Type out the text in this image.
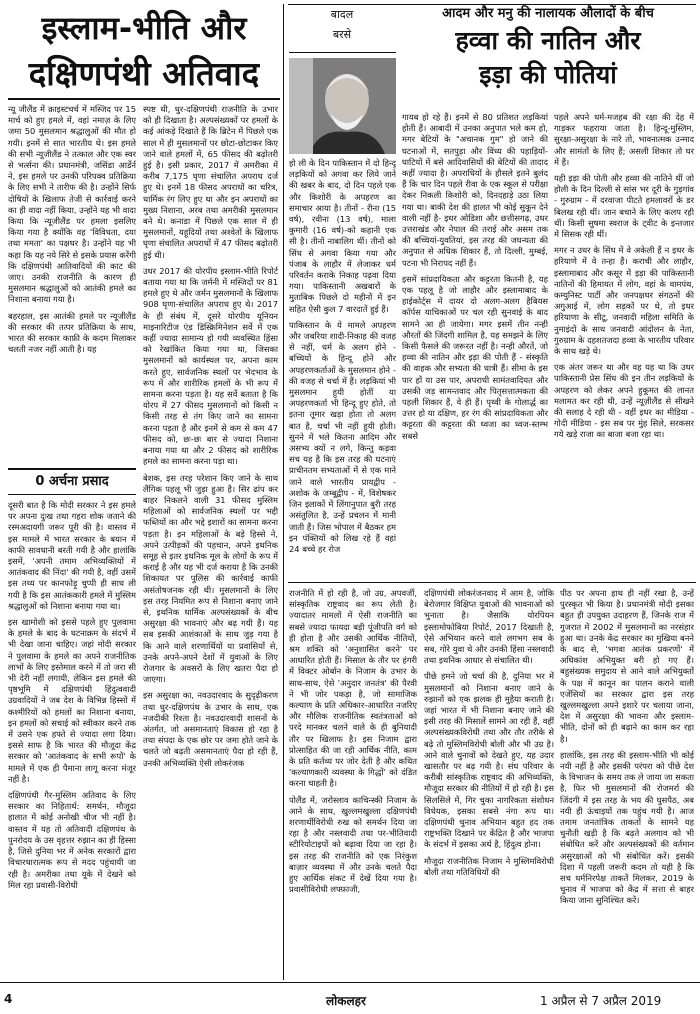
इस्लाम-भीति और
दक्षिणपंथी अतिवाद

न्यू जीलैंड में क्राइस्टचर्च में मस्जिद पर 15 मार्च को हुए हमले में, वहां नमाज़ के लिए जमा 50 मुसलमान श्रद्धालुओं की मौत हो गयी। इनमें से सात भारतीय थे। इस हमले की सभी न्यूजीलैंड ने तत्काल और एक स्वर से भर्त्सना की। प्रधानमंत्री, जसिंडा आर्डेर्न ने, इस हमले पर उनकी परिपक्व प्रतिक्रिया के लिए सभी ने तारीफ की है। उन्होंने सिर्फ दोषियों के खिलाफ तेजी से कार्रवाई करने का ही वादा नहीं किया, उन्होंने यह भी वादा किया कि न्यूजीलैंड पर हमला इसलिए किया गया है क्योंकि वह 'विविधता, दया तथा ममता' का पक्षधर है। उन्होंने यह भी कहा कि यह नये सिरे से इसके प्रयास करेंगी कि दक्षिणपंथी आतिवादियों की काट की जाए। उनकी राजनीति के कारण ही मुसलमान श्रद्धालुओं को आतंकी हमले का निशाना बनाया गया है।

बहरहाल, इस आतंकी हमले पर न्यूजीलैंड की सरकार की तत्पर प्रतिक्रिया के साथ, भारत की सरकार काफ़ी के कदम मिलाकर चलती नजर नहीं आती है। यह

स्पष्ट थी, धुर-दक्षिणपंथी राजनीति के उभार को ही दिखाता है। अल्पसंख्यकों पर हमलों के कई आंकड़े दिखाते हैं कि ब्रिटेन में पिछले एक साल में ही मुसलमानों पर छोटा-छोटाकर किए जाने वाले हमलों में, 65 फीसद की बढ़ोतरी हुई है। इसी प्रकार, 2017 में अमरीका में करीब 7,175 घृणा संचालित अपराध दर्ज हुए थे। इनमें 18 फीसद अपराधों का चरित्र, धार्मिक रंग लिए हुए था और इन अपराधों का मुख्य निशाना, अरब तथा अमरीकी मुसलमान बने थे। कनाडा में पिछले एक साल में ही मुसलमानों, यहूदियों तथा अश्वेतों के खिलाफ घृणा संचालित अपराधों में 47 फीसद बढ़ोतरी हुई थी।

उधर 2017 की योरपीय इस्लाम-भीति रिपोर्ट बताया गया था कि जर्मनी में मस्जिदों पर 81 हमले हुए थे और जर्मन मुसलमानों के खिलाफ 908 घृणा-संचालित अपराध हुए थे। 2017 के ही संबंध में, दूसरे योरपीय यूनियन माइनारिटीज एंड डिस्क्रिमिनेशन सर्वे में एक कहीं ज्यादा सामान्य हो गयी व्यवस्थित हिंसा को रेखांकित किया गया था, जिसका मुसलमानों को कार्यस्थल पर, अपना काम करते हुए, सार्वजनिक स्थलों पर भेदभाव के रूप में और शारीरिक हमलों के भी रूप में सामना करना पड़ता है। यह सर्वे बताता है कि योरप में 27 फीसद मुसलमानों को किसी न किसी तरह से तंग किए जाने का सामना करना पड़ता है और इनमें से कम से कम 47 फीसद को, छः-छः बार से ज्यादा निशाना बनाया गया था और 2 फीसद को शारीरिक हमले का सामना करना पड़ा था।

बेशक, इस तरह परेशान किए जाने के साथ लैंगिक पहलू भी जुड़ा हुआ है। सिर ढांप कर बाहर निकलने वाली 31 फीसद मुस्लिम महिलाओं को सार्वजनिक स्थलों पर भद्दी फब्तियों का और भद्दे इशारों का सामना करना पड़ता है। इन महिलाओं के बड़े हिस्से ने, अपने उत्पीड़कों की पहचान, अपने इथनिक समूह से इतर इथनिक मूल के लोगों के रूप में कराई है और यह भी दर्ज कराया है कि उनकी शिकायत पर पुलिस की कार्रवाई काफी असंतोषजनक रही थी। मुसलमानों के लिए इस तरह नियमित रूप से निशाना बनाए जाने से, इथनिक धार्मिक अल्पसंख्यकों के बीच असुरक्षा की भावनाएं और बढ़ गयी हैं। यह सब इसकी आशंकाओं के साथ जुड़ गया है कि आने वाले शरणार्थियों या प्रवासियों से, उनके अपने-अपने देशों में युवाओं के लिए रोजगार के अवसरों के लिए खतरा पैदा हो जाएगा।

इस असुरक्षा का, नवउदारवाद के सुदृढ़ीकरण तथा धुर-दक्षिणपंथ के उभार के साथ, एक नजदीकी रिश्ता है। नवउदारवादी शासनों के अंतर्गत, जो असमानताएं विकास हो रहा है तथा संपदा के एक छोर पर जमा होते जाने के चलते जो बढ़ती असमानताएं पैदा हो रही हैं, उनकी अभिव्यक्ति ऐसी लोकरंजक

0 अर्चना प्रसाद

दूसरी बात है कि मोदी सरकार ने इस हमले पर अपना दुःख तथा गहरा शोक जताने की रस्मअदायगी जरूर पूरी की है। वास्तव में इस मामले में भारत सरकार के बयान में काफी सावधानी बरती गयी है और हालांकि इसमें, 'अपनी तमाम अभिव्यक्तियों में आतंकवाद की निंदा' की गयी है, वहीं उसमें इस तथ्य पर कानफोड़ू चुप्पी ही साध ली गयी है कि इस आतंककारी हमले में मुस्लिम श्रद्धालुओं को निशाना बनाया गया था।

इस खामोशी को इससे पहले हुए पुलवामा के हमले के बाद के घटनाक्रम के संदर्भ में भी देखा जाना चाहिए। जहां मोदी सरकार ने पुलवामा के हमले का अपने राजनीतिक लाभों के लिए इस्तेमाल करने में तो जरा सी भी देरी नहीं लगायी, लेकिन इस हमले की पृष्ठभूमि में दक्षिणपंथी हिंदुत्ववादी उग्रवादियों ने जब देश के विभिन्न हिस्सों में कश्मीरियों को हमलों का निशाना बनाया, इन हमलों को सचाई को स्वीकार करने तक में उसने एक हफ्ते से ज्यादा लगा दिया। इससे साफ है कि भारत की मौजूदा केंद्र सरकार को 'आतंकवाद के सभी रूपों' के मामले में एक ही पैमाना लागू करना मंजूर नहीं है।

दक्षिणपंथी गैर-मुस्लिम अतिवाद के लिए सरकार का निहितार्थ: समर्थन, मौजूदा हालात में कोई अनोखी चीज भी नहीं है। वास्तव में यह तो अतिवादी दक्षिणपंथ के पुनरोदय के उस वृहत्तर रुझान का ही हिस्सा है, जिसे दुनिया भर में अनेक सरकारों द्वारा विचारधारात्मक रूप से मदद पहुंचायी जा रही है। अमरीका तथा यूके में देखने को मिल रहा प्रवासी-विरोधी

बादल
बरसे

हो ली के दिन पाकिस्तान में दो हिन्दू लड़कियों को अगवा कर लिये जाने की खबर के बाद, दो दिन पहले एक और किशोरी के अपहरण का समाचार आया है। तीनों - रीना (15 वर्ष), रवीना (13 वर्ष), माला कुमारी (16 वर्ष)-को कहानी एक सी है। तीनों नाबालिग थीं। तीनों को सिंध से अगवा किया गया और पंजाब के लाहौर में लेजाकर धर्म परिवर्तन कराके निकाह पढ़वा दिया गया। पाकिस्तानी अखबारों के मुताबिक पिछले दो महीनों में इन सहित ऐसी कुल 7 वारदातें हुई हैं।

पाकिस्तान के ये मामले अपहरण और जबरिया शादी-निकाह की वजह से नहीं, धर्म के अलग होने - बच्चियों के हिन्दू होने और अपहरणकर्ताओं के मुसलमान होने - की वजह से चर्चा में हैं। लड़कियां भी मुसलमान हुयी होतीं या अपहरणकर्ता भी हिन्दू हुए होते, तो इतना तूमार खड़ा होता तो अलग बात है, चर्चा भी नहीं हुयी होती। सुनने में भले कितना आदिम और असभ्य क्यों न लगे, किन्तु कड़वा सच यह है कि इस तरह की घटनाएं प्राचीनतम सभ्यताओं में से एक माने जाने वाले भारतीय प्रायद्वीप - अशोक के जम्बूद्वीप - में, विशेषकर जिन इलाकों में लिंगानुपात बुरी तरह असंतुलित है, उन्हें प्रचलन में मानी जाती हैं। जिस भोपाल में बैठकर हम इन पंक्तियों को लिख रहे हैं वहां 24 बच्चे हर रोज

आदम और मनु की नालायक औलादों के बीच
हव्वा की नातिन और
इड़ा की पोतियां

गायब हो रहे हैं। इनमें से 80 प्रतिशत लड़कियां होती हैं। आबादी में उनका अनुपात भले कम हो, मगर बेटियों के "अचानक गुम" हो जाने की घटनाओं में, सतपुड़ा और विंध्य की पहाड़ियों-घाटियों में बसे आदिवासियों की बेटियों की तादाद कहीं ज्यादा है। अपराधियों के हौसले इतने बुलंद हैं कि चार दिन पहले रीवा के एक स्कूल से परीक्षा देकर निकली किशोरी को, दिनदहाड़े उठा लिया गया था। बाकी देश की हालत भी कोई सुकून देने वाली नहीं है- इधर ओडिशा और छत्तीसगढ़, उधर उत्तराखंड और नेपाल की तराई और असम तक की बच्चियां-युवतियां, इस तरह की जघन्यता की अनुपात से अधिक शिकार हैं, तो दिल्ली, मुम्बई, पटना भी निरापद नहीं हैं।

इसमें सांप्रदायिकता और कट्टरता कितनी है, यह एक पहलू है जो लाहौर और इस्लामाबाद के हाईकोर्ट्स में दायर दो अलग-अलग हैबियस कॉर्पस याचिकाओं पर चल रही सुनवाई के बाद सामने आ ही जायेगा। मगर इसमें तीन नन्ही औरतों की जिंदगी शामिल है, यह समझने के लिए किसी फैसले की जरूरत नहीं है। नन्ही औरतें, जो हव्वा की नातिन और इड़ा की पोती हैं - संस्कृति की वाहक और सभ्यता की धात्री हैं। सीमा के इस पार हों या उस पार, अपराधी सामंतवादियत और उसकी जड़ सामन्तवाद और पितृसत्तात्मकता की पहली शिकार हैं, वे ही हैं। पृथ्वी के गोलार्द्ध का उत्तर हो या दक्षिण, हर रंग की सांप्रदायिकता और कट्टरता की कट्टरता की ध्वजा का ध्वज-स्तम्भ सबसे

पहले अपने धर्म-मजहब की रक्षा की देह में गाड़कर फहराया जाता है। हिन्दू-मुस्लिम, सुरक्षा-असुरक्षा के नारे तो, भावनात्मक उन्माद और सामंतों के लिए हैं; असली शिकार तो घर में हैं।

यही इड़ा की पोती और हव्वा की नातिने थीं जो होली के दिन दिल्ली से सांस भर दूरी के गुड़गांव - गुरुग्राम - में दरवाजा पीटते हमलावरों के डर बिलख रही थीं। जान बचाने के लिए कलप रही थीं। किसी सुषमा स्वराज के ट्वीट के इन्तजार में सिसक रही थीं।

मगर न उधर के सिंध में वे अकेली हैं न इधर के हरियाणे में वे तन्हा हैं। कराची और लाहौर, इस्लामाबाद और कसूर में इड़ा की पाकिस्तानी नातिनों की हिमायत में लोग, वहां के वामपंथ, कम्युनिस्ट पार्टी और जनपक्षधर संगठनों की अगुआई में, लोग सड़कों पर थे, तो इधर हरियाणा के सीटू, जनवादी महिला समिति के नुमाइंदों के साथ जनवादी आंदोलन के नेता, गुरुग्राम के दहशतजदा हव्वा के भारतीय परिवार के साथ खड़े थे।

एक अंतर जरूर था और वह यह था कि उधर पाकिस्तानी प्रेस सिंध की इन तीन लड़कियों के अपहरण को लेकर अपने हुकूमत की लानत मलामत कर रही थी, उन्हें न्यूज़ीलैंड से सीखने की सलाह दे रही थी - वहीं इधर का मीडिया - गोदी मीडिया - इस सब पर मुंह सिले, सरकसर गये खड़े राजा का बाजा बजा रहा था।

राजनीति में हो रही है, जो उग्र, अपवर्जी, सांस्कृतिक राष्ट्रवाद का रूप लेती है। ज्यादातर मामलों में ऐसी राजनीति का सबसे ज्यादा फायदा बड़ी पूंजीपति वर्ग को ही होता है और उसकी आर्थिक नीतियों, श्रम शक्ति को 'अनुशासित करने' पर आधारित होती हैं। मिसाल के तौर पर हंगरी में विक्टर ओर्बान के निजाम के उभार के साथ-साथ, ऐसे 'अनुदार जनतंत्र' की पैरवी ने भी जोर पकड़ा है, जो सामाजिक कल्याण के प्रति अधिकार-आधारित नजरिए और मौलिक राजनीतिक स्वतंत्रताओं को परदे मानकर चलने वाले के ही बुनियादी तौर पर खिलाफ है। इस निजाम द्वारा प्रोत्साहित की जा रही आर्थिक नीति, काम के प्रति कर्तव्य पर जोर देती है और कथित 'कल्याणकारी व्यवस्था के गिद्धों' को दंडित करना चाहती है।

पोलैंड में, जरोस्लाव काचिन्स्की निजाम के आने के साथ, खुल्लमखुल्ला दक्षिणपंथी शरणार्थीविरोधी रुख को समर्थन दिया जा रहा है और नस्लवादी तथा पर-भीतिवादी स्टीरियोटाइपों को बढ़ावा दिया जा रहा है। इस तरह की राजनीति को एक निरंकुश बाज़ार व्यवस्था में और उनके चलते पैदा हुए आर्थिक संकट में देखें दिया गया है। प्रवासीविरोधी लफ्फ़ाजी,

दक्षिणपंथी लोकरंजनवाद में आम है, जोकि बेरोजगार विक्षिप्त युवाओं की भावनाओं को भुनाता है। जैसाकि योरपियन इस्लामोफोबिया रिपोर्ट, 2017 दिखाती है, ऐसे अभियान करने वाले लगभग सब के सब, गोरे युवा थे और उनकी हिंसा नस्लवादी तथा इथनिक आधार से संचालित थी।

पीछे हमने जो चर्चा की है, दुनिया भर में मुसलमानों को निशाना बनाए जाने के रुझानों को एक झलक ही मुहैया कराती है। जहां भारत में भी निशाना बनाए जाने की इसी तरह की मिसालें सामने आ रही हैं, वहीं अल्पसंख्यकविरोधी तथा और तौर तरीके से बढ़े तो मुस्लिमविरोधी बोली और भी उग्र है। आने वाले चुनावों को देखते हुए, यह उदार खासतौर पर बढ़ गयी है। संघ परिवार के करीबी सांस्कृतिक राष्ट्रवाद की अभिव्यक्ति, मौजूदा सरकार की नीतियों में हो रही है। इस सिलसिले में, गिर चुका नागरिकता संशोधन विधेयक, इसका सबसे नंगा रूप था। दक्षिणपंथी चुनाव अभियान बहुत हद तक राष्ट्रभक्ति दिखाने पर केंद्रित है और भाजपा के संदर्भ में इसका अर्थ है, हिंदुत्व होना।

मौजूदा राजनीतिक निजाम ने मुस्लिमविरोधी बोली तथा गतिविधियों की

पीठ पर अपना हाथ ही नहीं रखा है, उन्हें पुरस्कृत भी किया है। प्रधानमंत्री मोदी इसका बहुत ही उपयुक्त उदाहरण हैं, जिनके राज में गुजरात में 2002 में मुसलमानों का नरसंहार हुआ था। उनके केंद्र सरकार का मुखिया बनने के बाद से, 'भगवा आतंक प्रकरणों' में अधिकांश अभियुक्त बरी हो गए हैं। बहुसंख्यक समुदाय से आने वाले अभियुक्तों के पक्ष में कानून का पालन कराने वाली एजेंसियों का सरकार द्वारा इस तरह खुल्लमखुल्ला अपने इशारे पर चलाया जाना, देश में असुरक्षा की भावना और इस्लाम-भीति, दोनों को ही बढ़ाने का काम कर रहा है।

हालांकि, इस तरह की इस्लाम-भीति भी कोई नयी नहीं है और इसकी परंपरा को पीछे देश के विभाजन के समय तक ले जाया जा सकता है, फिर भी मुसलमानों की रोजमर्रा की जिंदगी में इस तरह के भय की घुसपैठ, अब नयी ही ऊंचाइयों तक पहुंच गयी है। आज तमाम जनतांत्रिक ताकतों के सामने यह चुनौती खड़ी है कि बढ़ते अलगाव को भी संबोधित करें और अल्पसंख्यकों की वर्तमान असुरक्षाओं को भी संबोधित करें। इसकी दिशा में पहली जरूरी कदम तो यही है कि सच धर्मनिरपेक्ष ताकतें मिलकर, 2019 के चुनाव में भाजपा को केंद्र में सत्ता से बाहर किया जाना सुनिश्चित करें।

4	लोकलहर	1 अप्रैल से 7 अप्रैल 2019
